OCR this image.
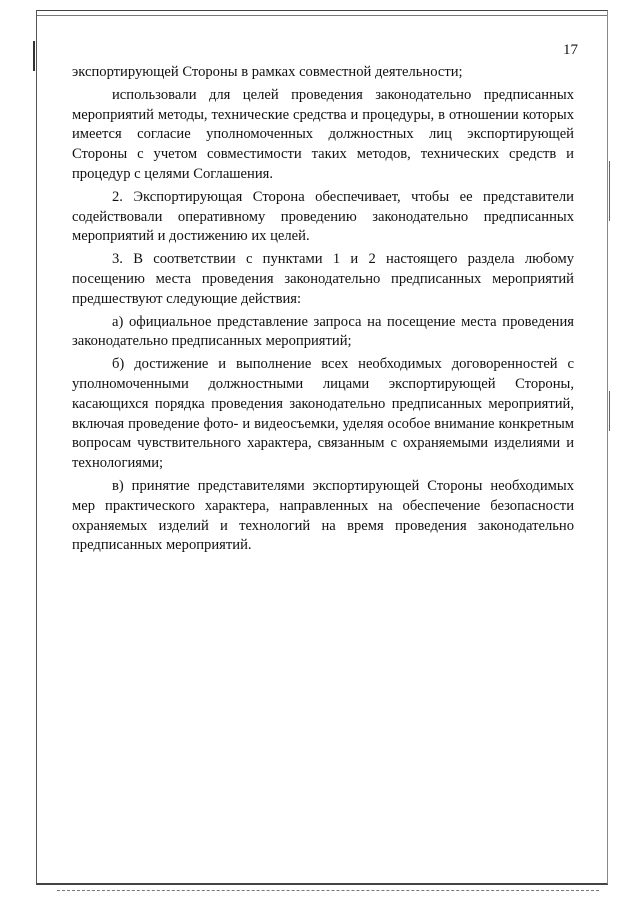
17

экспортирующей Стороны в рамках совместной деятельности;

использовали для целей проведения законодательно предписанных мероприятий методы, технические средства и процедуры, в отношении которых имеется согласие уполномоченных должностных лиц экспортирующей Стороны с учетом совместимости таких методов, технических средств и процедур с целями Соглашения.

2. Экспортирующая Сторона обеспечивает, чтобы ее представители содействовали оперативному проведению законодательно предписанных мероприятий и достижению их целей.

3. В соответствии с пунктами 1 и 2 настоящего раздела любому посещению места проведения законодательно предписанных мероприятий предшествуют следующие действия:

а) официальное представление запроса на посещение места проведения законодательно предписанных мероприятий;

б) достижение и выполнение всех необходимых договоренностей с уполномоченными должностными лицами экспортирующей Стороны, касающихся порядка проведения законодательно предписанных мероприятий, включая проведение фото- и видеосъемки, уделяя особое внимание конкретным вопросам чувствительного характера, связанным с охраняемыми изделиями и технологиями;

в) принятие представителями экспортирующей Стороны необходимых мер практического характера, направленных на обеспечение безопасности охраняемых изделий и технологий на время проведения законодательно предписанных мероприятий.
